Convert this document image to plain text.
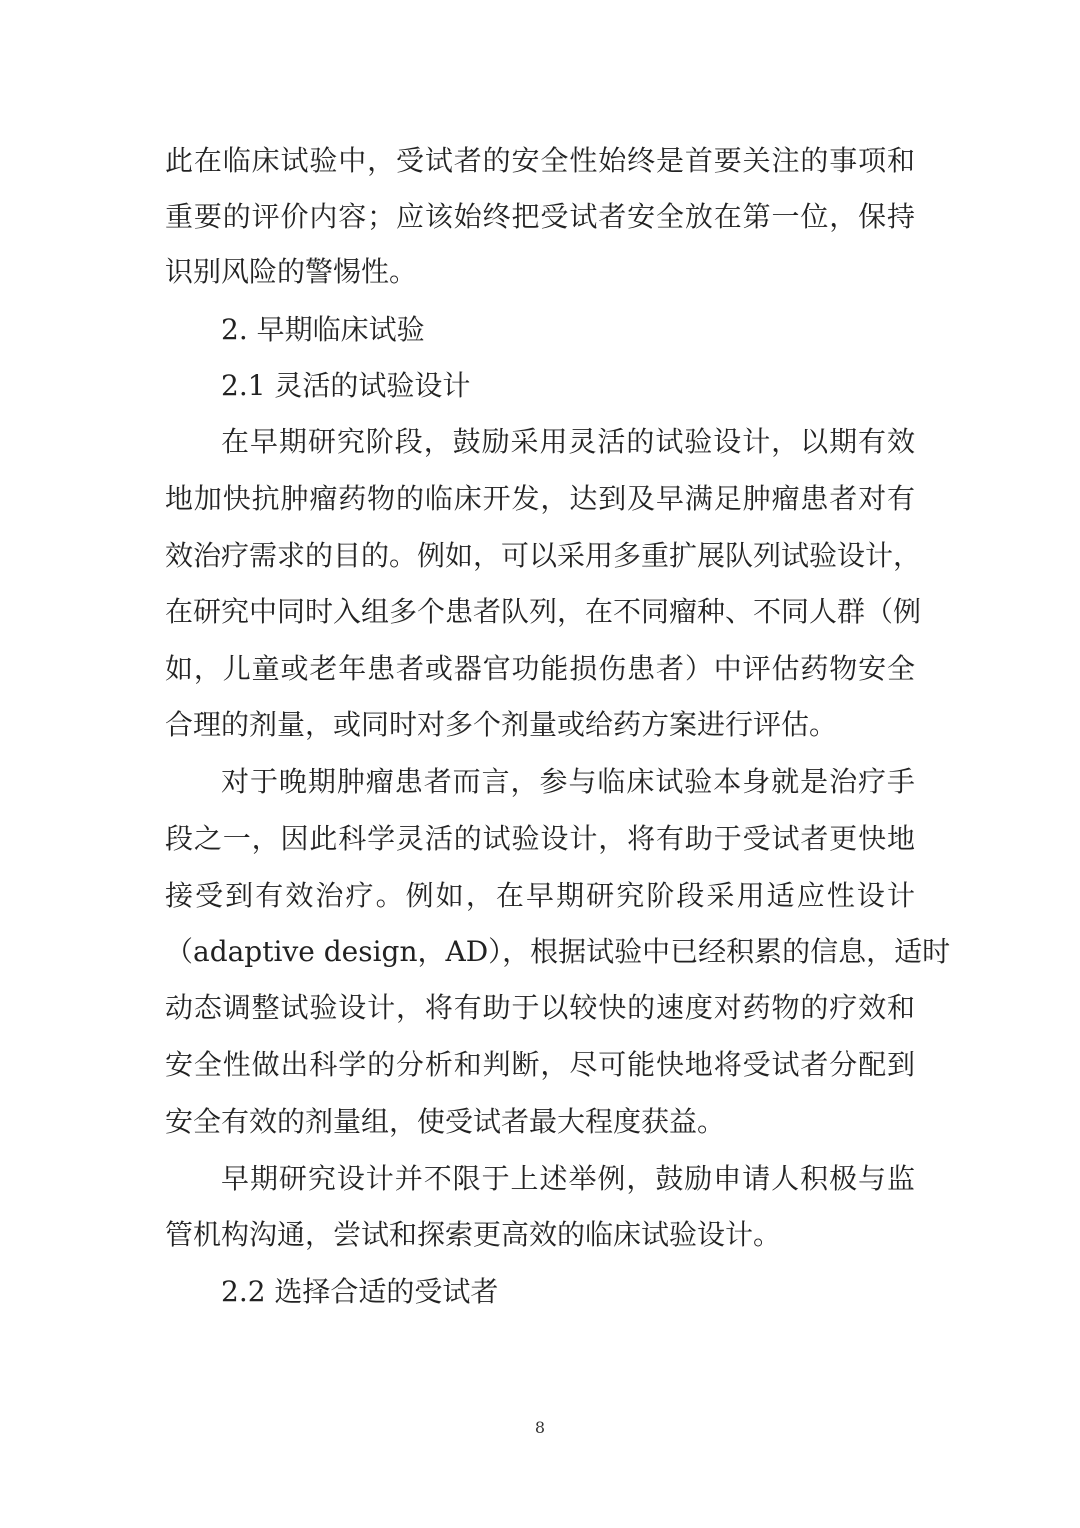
此在临床试验中，受试者的安全性始终是首要关注的事项和
重要的评价内容；应该始终把受试者安全放在第一位，保持
识别风险的警惕性。
2. 早期临床试验
2.1 灵活的试验设计
在早期研究阶段，鼓励采用灵活的试验设计，以期有效
地加快抗肿瘤药物的临床开发，达到及早满足肿瘤患者对有
效治疗需求的目的。例如，可以采用多重扩展队列试验设计，
在研究中同时入组多个患者队列，在不同瘤种、不同人群（例
如，儿童或老年患者或器官功能损伤患者）中评估药物安全
合理的剂量，或同时对多个剂量或给药方案进行评估。
对于晚期肿瘤患者而言，参与临床试验本身就是治疗手
段之一，因此科学灵活的试验设计，将有助于受试者更快地
接受到有效治疗。例如，在早期研究阶段采用适应性设计
（adaptive design，AD），根据试验中已经积累的信息，适时
动态调整试验设计，将有助于以较快的速度对药物的疗效和
安全性做出科学的分析和判断，尽可能快地将受试者分配到
安全有效的剂量组，使受试者最大程度获益。
早期研究设计并不限于上述举例，鼓励申请人积极与监
管机构沟通，尝试和探索更高效的临床试验设计。
2.2 选择合适的受试者
8
